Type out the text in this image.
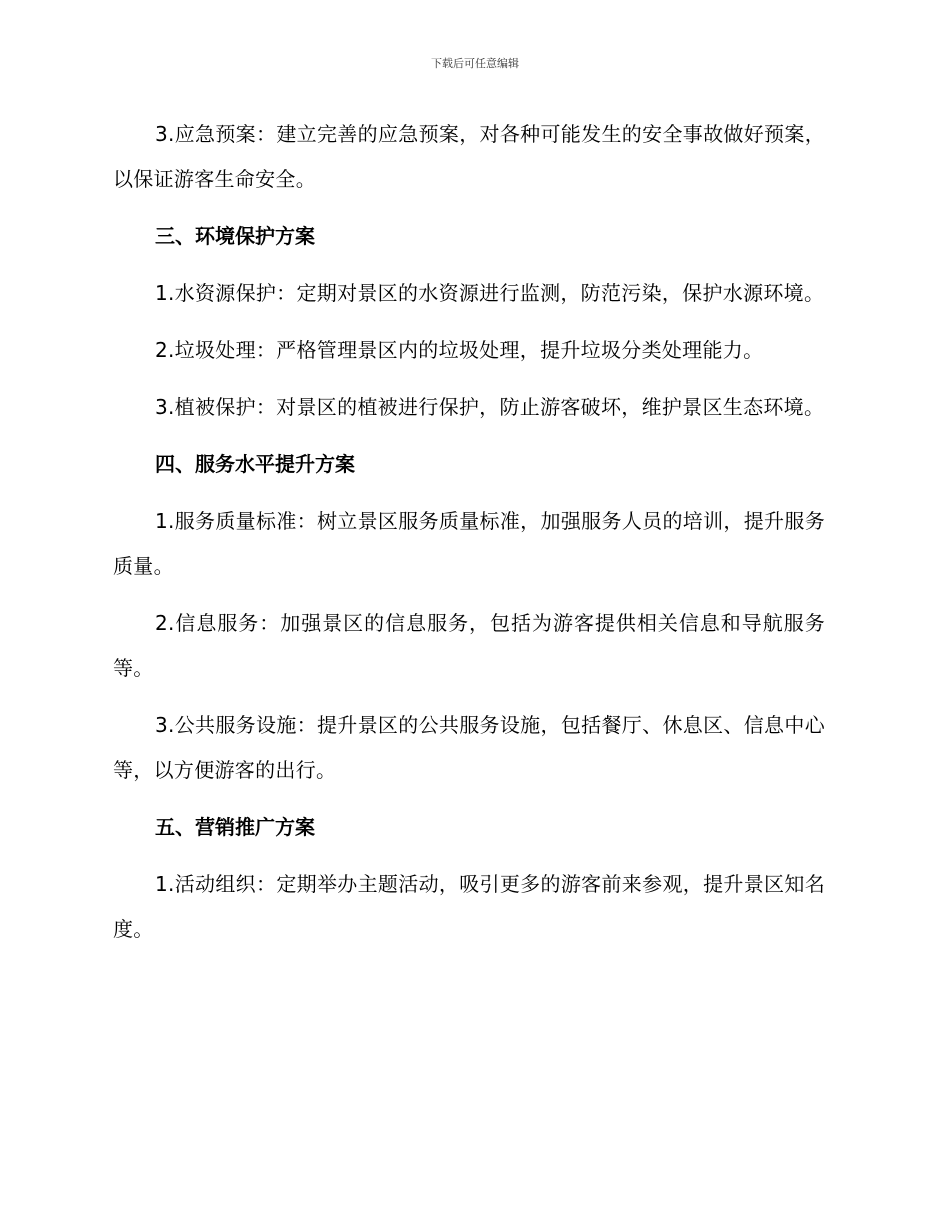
下载后可任意编辑

3.应急预案：建立完善的应急预案，对各种可能发生的安全事故做好预案，以保证游客生命安全。

三、环境保护方案

1.水资源保护：定期对景区的水资源进行监测，防范污染，保护水源环境。

2.垃圾处理：严格管理景区内的垃圾处理，提升垃圾分类处理能力。

3.植被保护：对景区的植被进行保护，防止游客破坏，维护景区生态环境。

四、服务水平提升方案

1.服务质量标准：树立景区服务质量标准，加强服务人员的培训，提升服务质量。

2.信息服务：加强景区的信息服务，包括为游客提供相关信息和导航服务等。

3.公共服务设施：提升景区的公共服务设施，包括餐厅、休息区、信息中心等，以方便游客的出行。

五、营销推广方案

1.活动组织：定期举办主题活动，吸引更多的游客前来参观，提升景区知名度。
